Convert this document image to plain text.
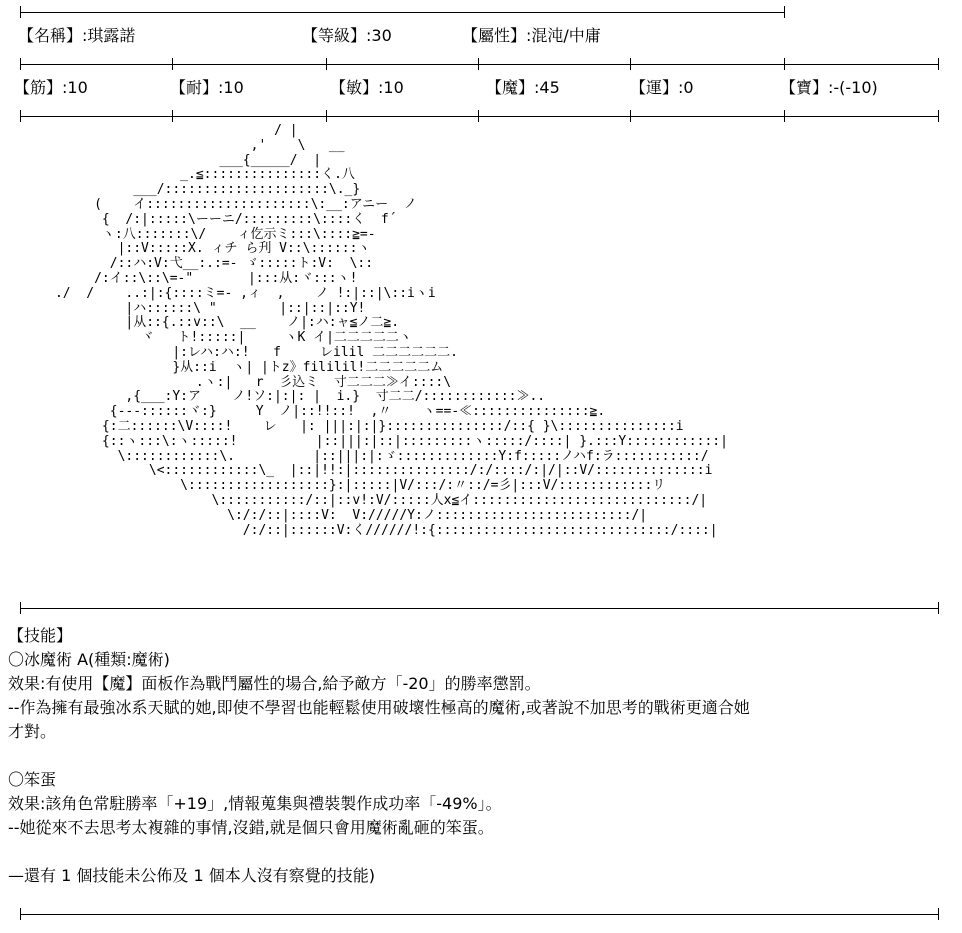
【名稱】:琪露諾	【等級】:30	【屬性】:混沌/中庸
【筋】:10	【耐】:10	【敏】:10	【魔】:45	【運】:0	【寶】:-(-10)
/ |
,'    \   __
___{_____/  |
_.≦:::::::::::::::く.八
___/:::::::::::::::::::::\._}
(    イ:::::::::::::::::::::\:__:アニー  ノ
{  /:|:::::\ーーニ/:::::::::\::::く  f´
ヽ:八:::::::\/    ィ仡示ミ:::\::::≧=-
|::V:::::X. ィチ ら刋 V::\::::::ヽ
/::ハ:V:弋__:.:=- ゞ:::::ト:V:  \::
/:イ::\::\=‐"       |:::从:ヾ:::ヽ!
./  /    ..:|:{::::ミ=- ,ィ  ,    ノ !:|::|\::iヽi
|ハ::::::\ "        |::|::|::Y!
|从::{.::v::\  __    ノ|:ハ:ャ≦ノ二≧.
ヾ   ト!:::::|     ヽK イ|二二二二二ヽ
|:レハ:ハ:!   f     レilil 二二二二二二.
}从::i  ヽ| |トz》fililil!二二二二二ム
.ヽ:|   r  彡込ミ  寸二二二≫イ::::\
,{___:Y:ア    ノ!ソ:|:|: |  i.}  寸二二/::::::::::::≫..
{---::::::ヾ:}     Y  ノ|::!!::!  ,〃    ヽ==-≪:::::::::::::::≧.
{:二::::::\V::::!    レ   |: |||:|:|}:::::::::::::::/::{ }\:::::::::::::::i
{::ヽ:::\:ヽ:::::!          |::|||:|::|:::::::::ヽ:::::/::::| }.:::Y::::::::::::|
\::::::::::::\.          |::|||:|:ゞ:::::::::::::Y:f:::::ノハf:ラ:::::::::::/
\<::::::::::::\_  |::|!!:|:::::::::::::::/:/::::/:|/|::V/::::::::::::::i
\::::::::::::::::::}:|:::::|V/:::/:〃::/=彡|:::V/::::::::::::リ
\:::::::::::/::|::v!:V/:::::人x≦イ::::::::::::::::::::::::::::/|
\:/:/::|::::V:  V://///Y:ノ:::::::::::::::::::::::::/|
/:/::|::::::V:く//////!:{::::::::::::::::::::::::::::::/::::|
【技能】
〇冰魔術 A(種類:魔術)
效果:有使用【魔】面板作為戰鬥屬性的場合,給予敵方「-20」的勝率懲罰。
--作為擁有最強冰系天賦的她,即使不學習也能輕鬆使用破壞性極高的魔術,或著說不加思考的戰術更適合她
才對。
〇笨蛋
效果:該角色常駐勝率「+19」,情報蒐集與禮裝製作成功率「-49%」。
--她從來不去思考太複雜的事情,沒錯,就是個只會用魔術亂砸的笨蛋。
—還有 1 個技能未公佈及 1 個本人沒有察覺的技能)
